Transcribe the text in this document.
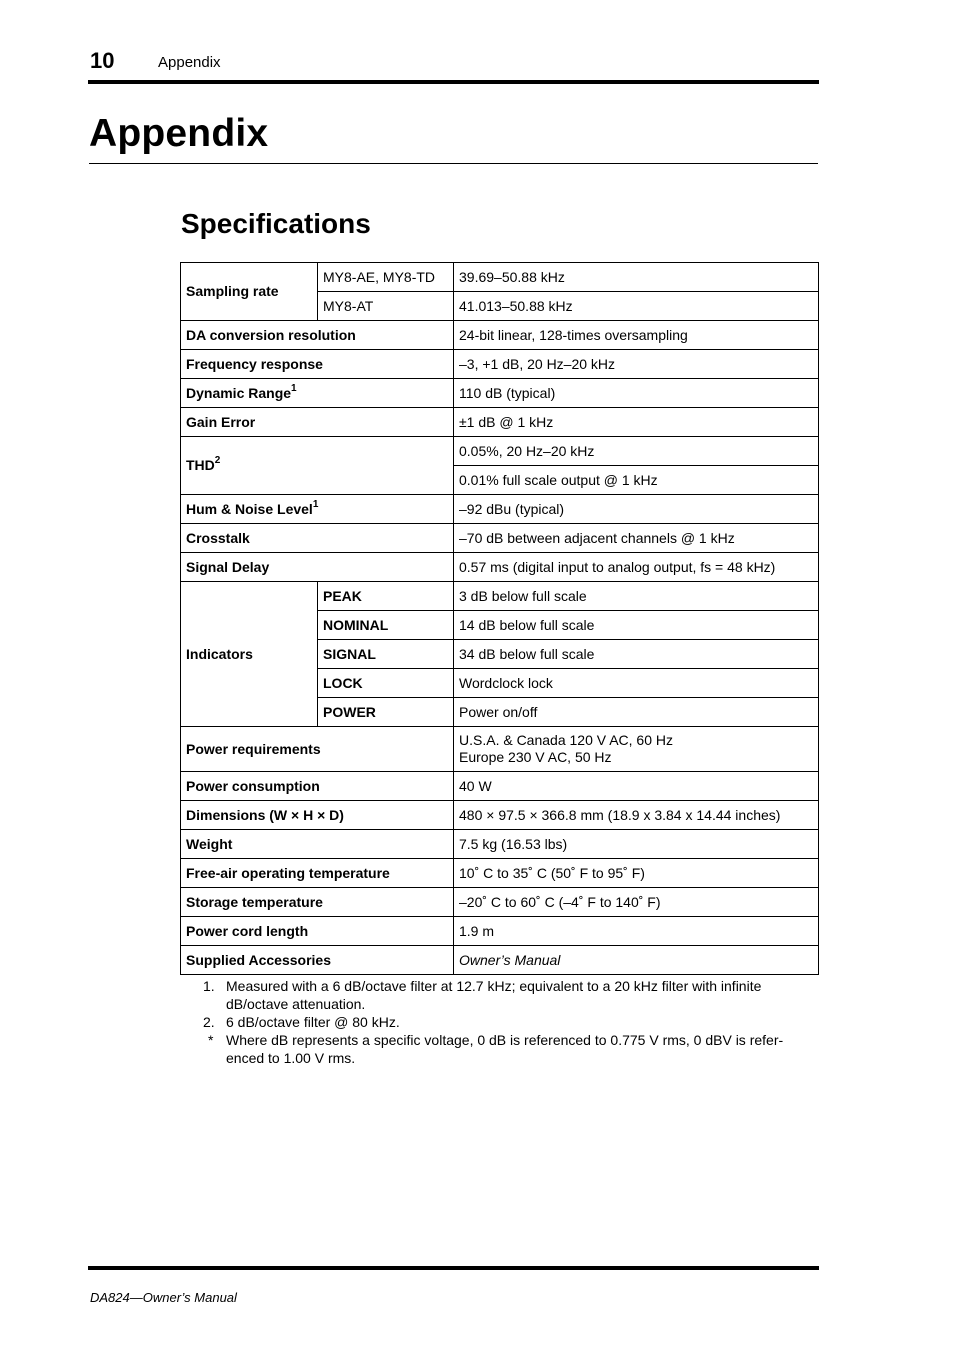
10	Appendix
Appendix
Specifications
Sampling rate	MY8-AE, MY8-TD	39.69–50.88 kHz
	MY8-AT	41.013–50.88 kHz
DA conversion resolution		24-bit linear, 128-times oversampling
Frequency response		–3, +1 dB, 20 Hz–20 kHz
Dynamic Range$^1$		110 dB (typical)
Gain Error		±1 dB @ 1 kHz
THD$^2$		0.05%, 20 Hz–20 kHz
		0.01% full scale output @ 1 kHz
Hum & Noise Level$^1$		–92 dBu (typical)
Crosstalk		–70 dB between adjacent channels @ 1 kHz
Signal Delay		0.57 ms (digital input to analog output, fs = 48 kHz)
Indicators	PEAK	3 dB below full scale
	NOMINAL	14 dB below full scale
	SIGNAL	34 dB below full scale
	LOCK	Wordclock lock
	POWER	Power on/off
Power requirements		U.S.A. & Canada 120 V AC, 60 Hz
Europe 230 V AC, 50 Hz

Power consumption		40 W
Dimensions (W × H × D)		480 × 97.5 × 366.8 mm (18.9 x 3.84 x 14.44 inches)
Weight		7.5 kg (16.53 lbs)
Free-air operating temperature		10˚ C to 35˚ C (50˚ F to 95˚ F)
Storage temperature		–20˚ C to 60˚ C (–4˚ F to 140˚ F)
Power cord length		1.9 m
Supplied Accessories		Owner’s Manual
1. Measured with a 6 dB/octave filter at 12.7 kHz; equivalent to a 20 kHz filter with infinite dB/octave attenuation.
2. 6 dB/octave filter @ 80 kHz.
* Where dB represents a specific voltage, 0 dB is referenced to 0.775 V rms, 0 dBV is refer-enced to 1.00 V rms.
DA824—Owner’s Manual
